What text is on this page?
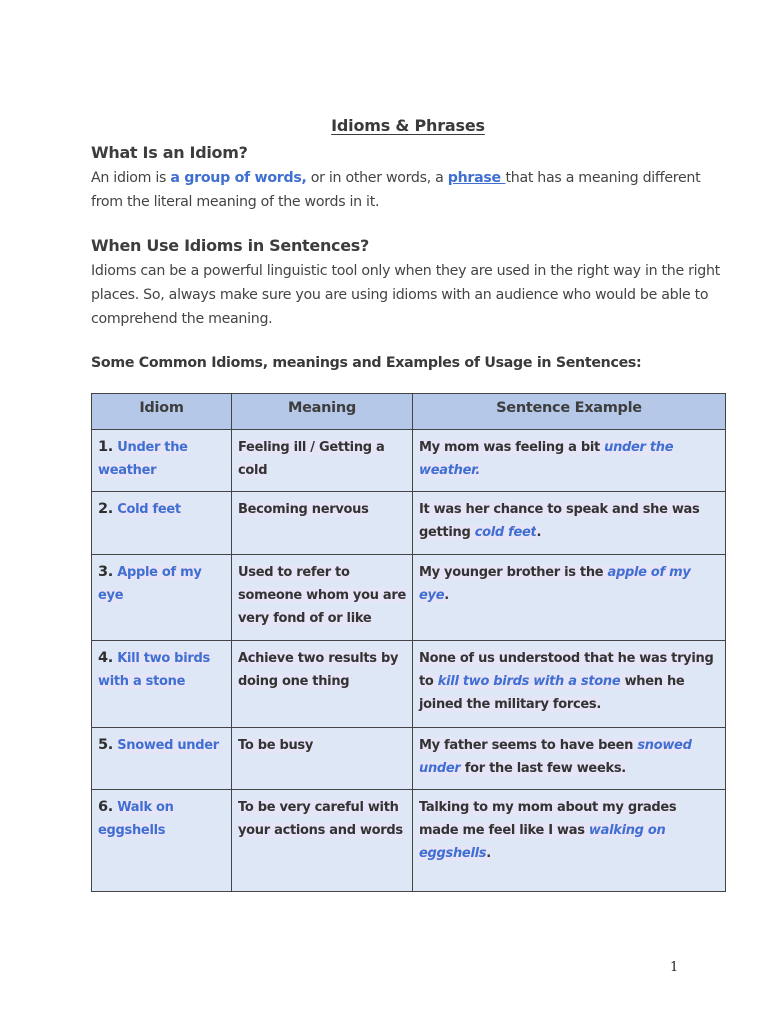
Idioms & Phrases
What Is an Idiom?

An idiom is a group of words, or in other words, a phrase that has a meaning different from the literal meaning of the words in it.

When Use Idioms in Sentences?

Idioms can be a powerful linguistic tool only when they are used in the right way in the right places. So, always make sure you are using idioms with an audience who would be able to comprehend the meaning.

Some Common Idioms, meanings and Examples of Usage in Sentences:
Idiom	Meaning	Sentence Example
1. Under the weather	Feeling ill / Getting a cold	My mom was feeling a bit under the weather.
2. Cold feet	Becoming nervous	It was her chance to speak and she was getting cold feet.
3. Apple of my eye	Used to refer to someone whom you are very fond of or like	My younger brother is the apple of my eye.
4. Kill two birds with a stone	Achieve two results by doing one thing	None of us understood that he was trying to kill two birds with a stone when he joined the military forces.
5. Snowed under	To be busy	My father seems to have been snowed under for the last few weeks.
6. Walk on eggshells	To be very careful with your actions and words	Talking to my mom about my grades made me feel like I was walking on eggshells.
1
